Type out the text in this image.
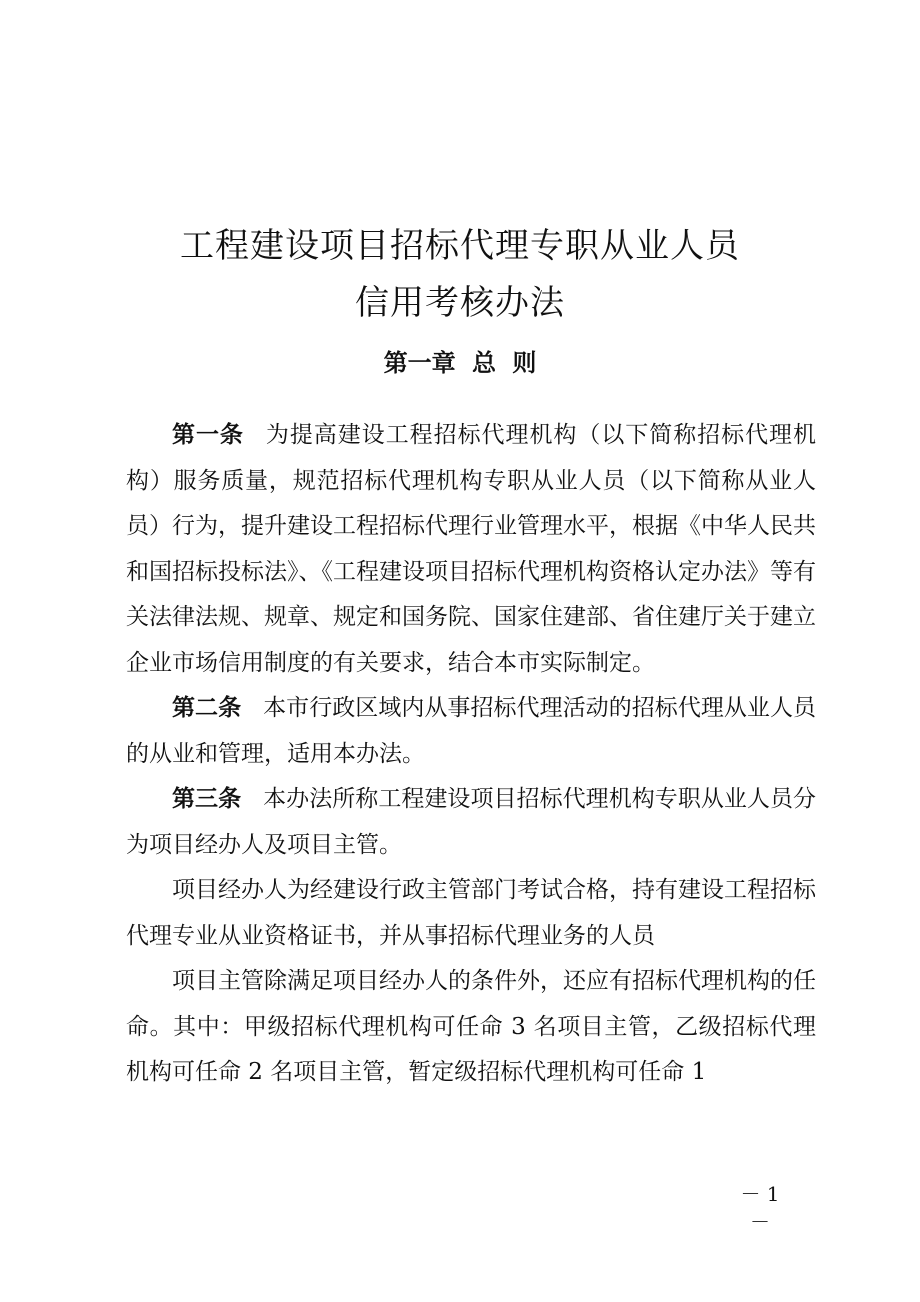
工程建设项目招标代理专职从业人员
信用考核办法
第一章 总 则

第一条 为提高建设工程招标代理机构（以下简称招标代理机构）服务质量，规范招标代理机构专职从业人员（以下简称从业人员）行为，提升建设工程招标代理行业管理水平，根据《中华人民共和国招标投标法》、《工程建设项目招标代理机构资格认定办法》等有关法律法规、规章、规定和国务院、国家住建部、省住建厅关于建立企业市场信用制度的有关要求，结合本市实际制定。

第二条 本市行政区域内从事招标代理活动的招标代理从业人员的从业和管理，适用本办法。

第三条 本办法所称工程建设项目招标代理机构专职从业人员分为项目经办人及项目主管。

项目经办人为经建设行政主管部门考试合格，持有建设工程招标代理专业从业资格证书，并从事招标代理业务的人员

项目主管除满足项目经办人的条件外，还应有招标代理机构的任命。其中：甲级招标代理机构可任命 3 名项目主管，乙级招标代理机构可任命 2 名项目主管，暂定级招标代理机构可任命 1

－ 1 －
